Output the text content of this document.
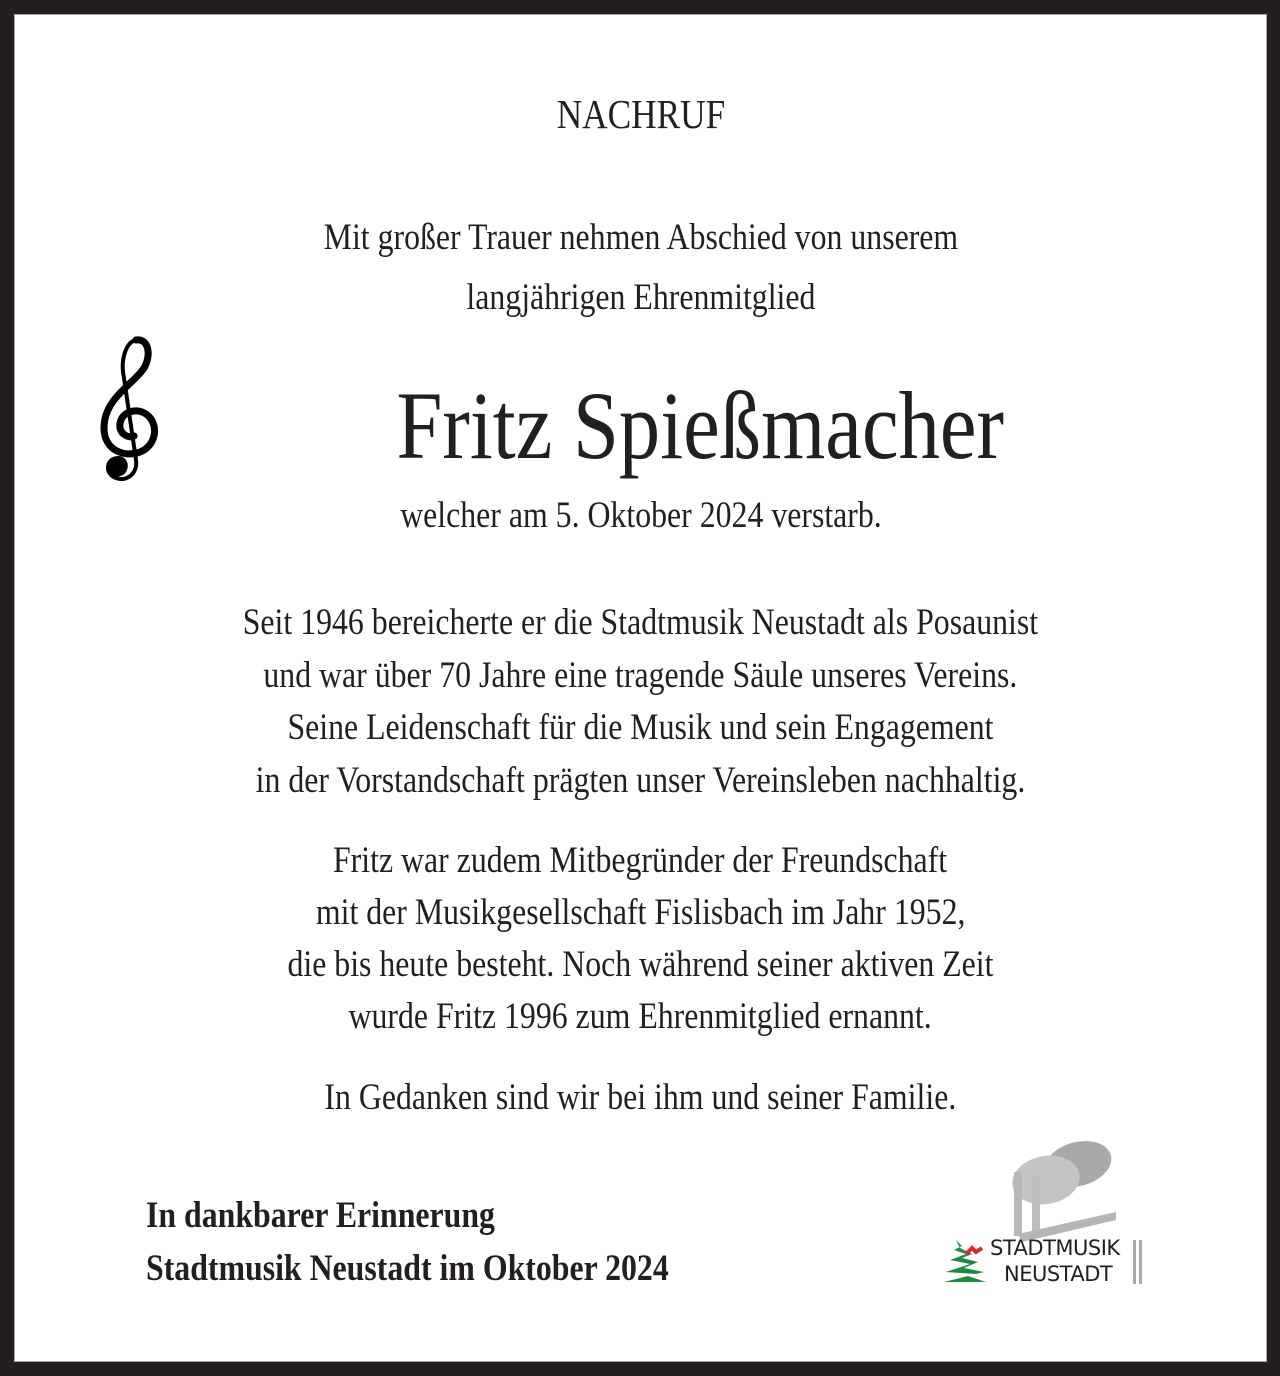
NACHRUF
Mit großer Trauer nehmen Abschied von unserem
langjährigen Ehrenmitglied
Fritz Spießmacher
welcher am 5. Oktober 2024 verstarb.
Seit 1946 bereicherte er die Stadtmusik Neustadt als Posaunist
und war über 70 Jahre eine tragende Säule unseres Vereins.
Seine Leidenschaft für die Musik und sein Engagement
in der Vorstandschaft prägten unser Vereinsleben nachhaltig.
Fritz war zudem Mitbegründer der Freundschaft
mit der Musikgesellschaft Fislisbach im Jahr 1952,
die bis heute besteht. Noch während seiner aktiven Zeit
wurde Fritz 1996 zum Ehrenmitglied ernannt.
In Gedanken sind wir bei ihm und seiner Familie.
In dankbarer Erinnerung
Stadtmusik Neustadt im Oktober 2024	STADTMUSIK
NEUSTADT
